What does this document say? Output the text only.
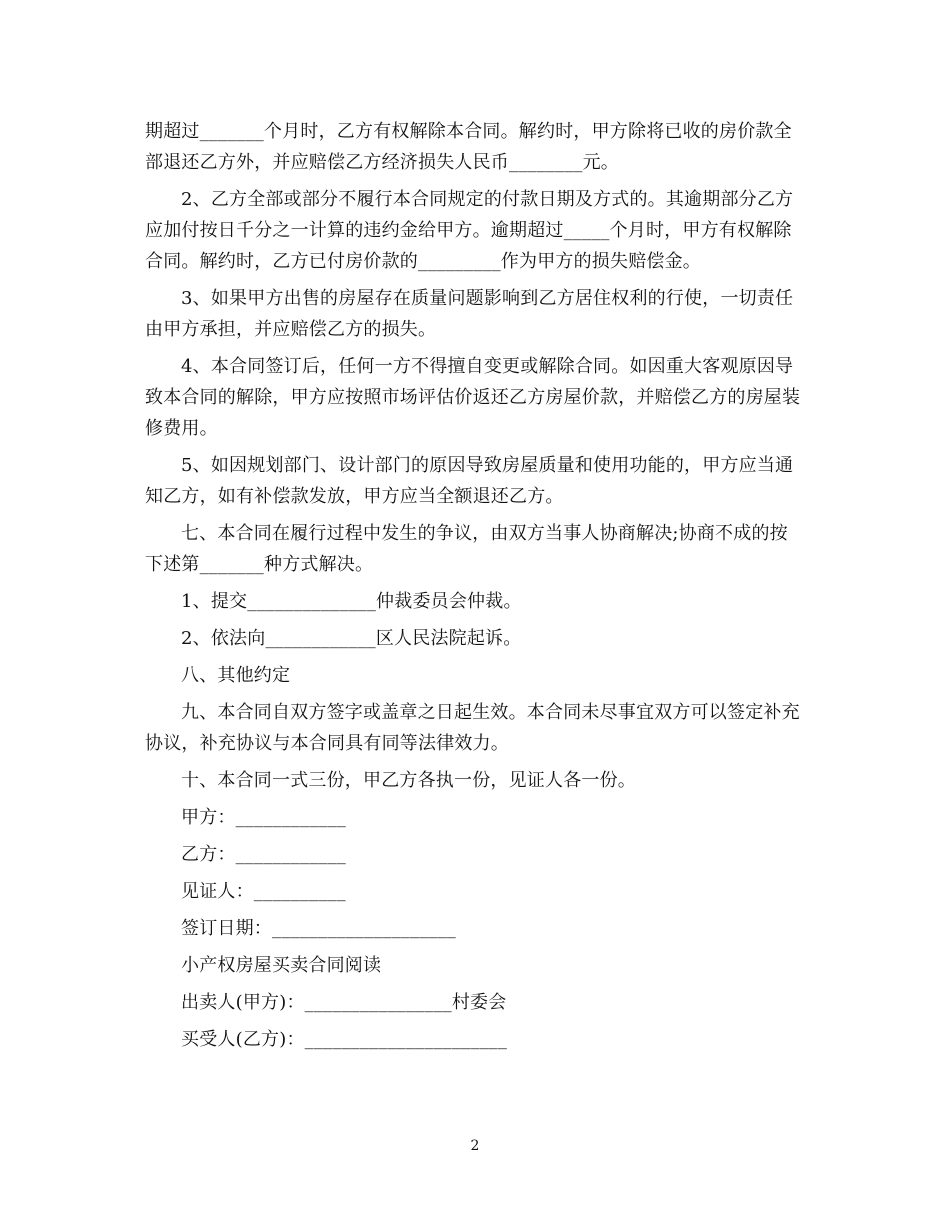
期超过_______个月时，乙方有权解除本合同。解约时，甲方除将已收的房价款全部退还乙方外，并应赔偿乙方经济损失人民币________元。

2、乙方全部或部分不履行本合同规定的付款日期及方式的。其逾期部分乙方应加付按日千分之一计算的违约金给甲方。逾期超过_____个月时，甲方有权解除合同。解约时，乙方已付房价款的_________作为甲方的损失赔偿金。

3、如果甲方出售的房屋存在质量问题影响到乙方居住权利的行使，一切责任由甲方承担，并应赔偿乙方的损失。

4、本合同签订后，任何一方不得擅自变更或解除合同。如因重大客观原因导致本合同的解除，甲方应按照市场评估价返还乙方房屋价款，并赔偿乙方的房屋装修费用。

5、如因规划部门、设计部门的原因导致房屋质量和使用功能的，甲方应当通知乙方，如有补偿款发放，甲方应当全额退还乙方。

七、本合同在履行过程中发生的争议，由双方当事人协商解决;协商不成的按下述第_______种方式解决。

1、提交______________仲裁委员会仲裁。

2、依法向____________区人民法院起诉。

八、其他约定

九、本合同自双方签字或盖章之日起生效。本合同未尽事宜双方可以签定补充协议，补充协议与本合同具有同等法律效力。

十、本合同一式三份，甲乙方各执一份，见证人各一份。

甲方：____________

乙方：____________

见证人：__________

签订日期：____________________

小产权房屋买卖合同阅读

出卖人(甲方)：________________村委会

买受人(乙方)：______________________

2
